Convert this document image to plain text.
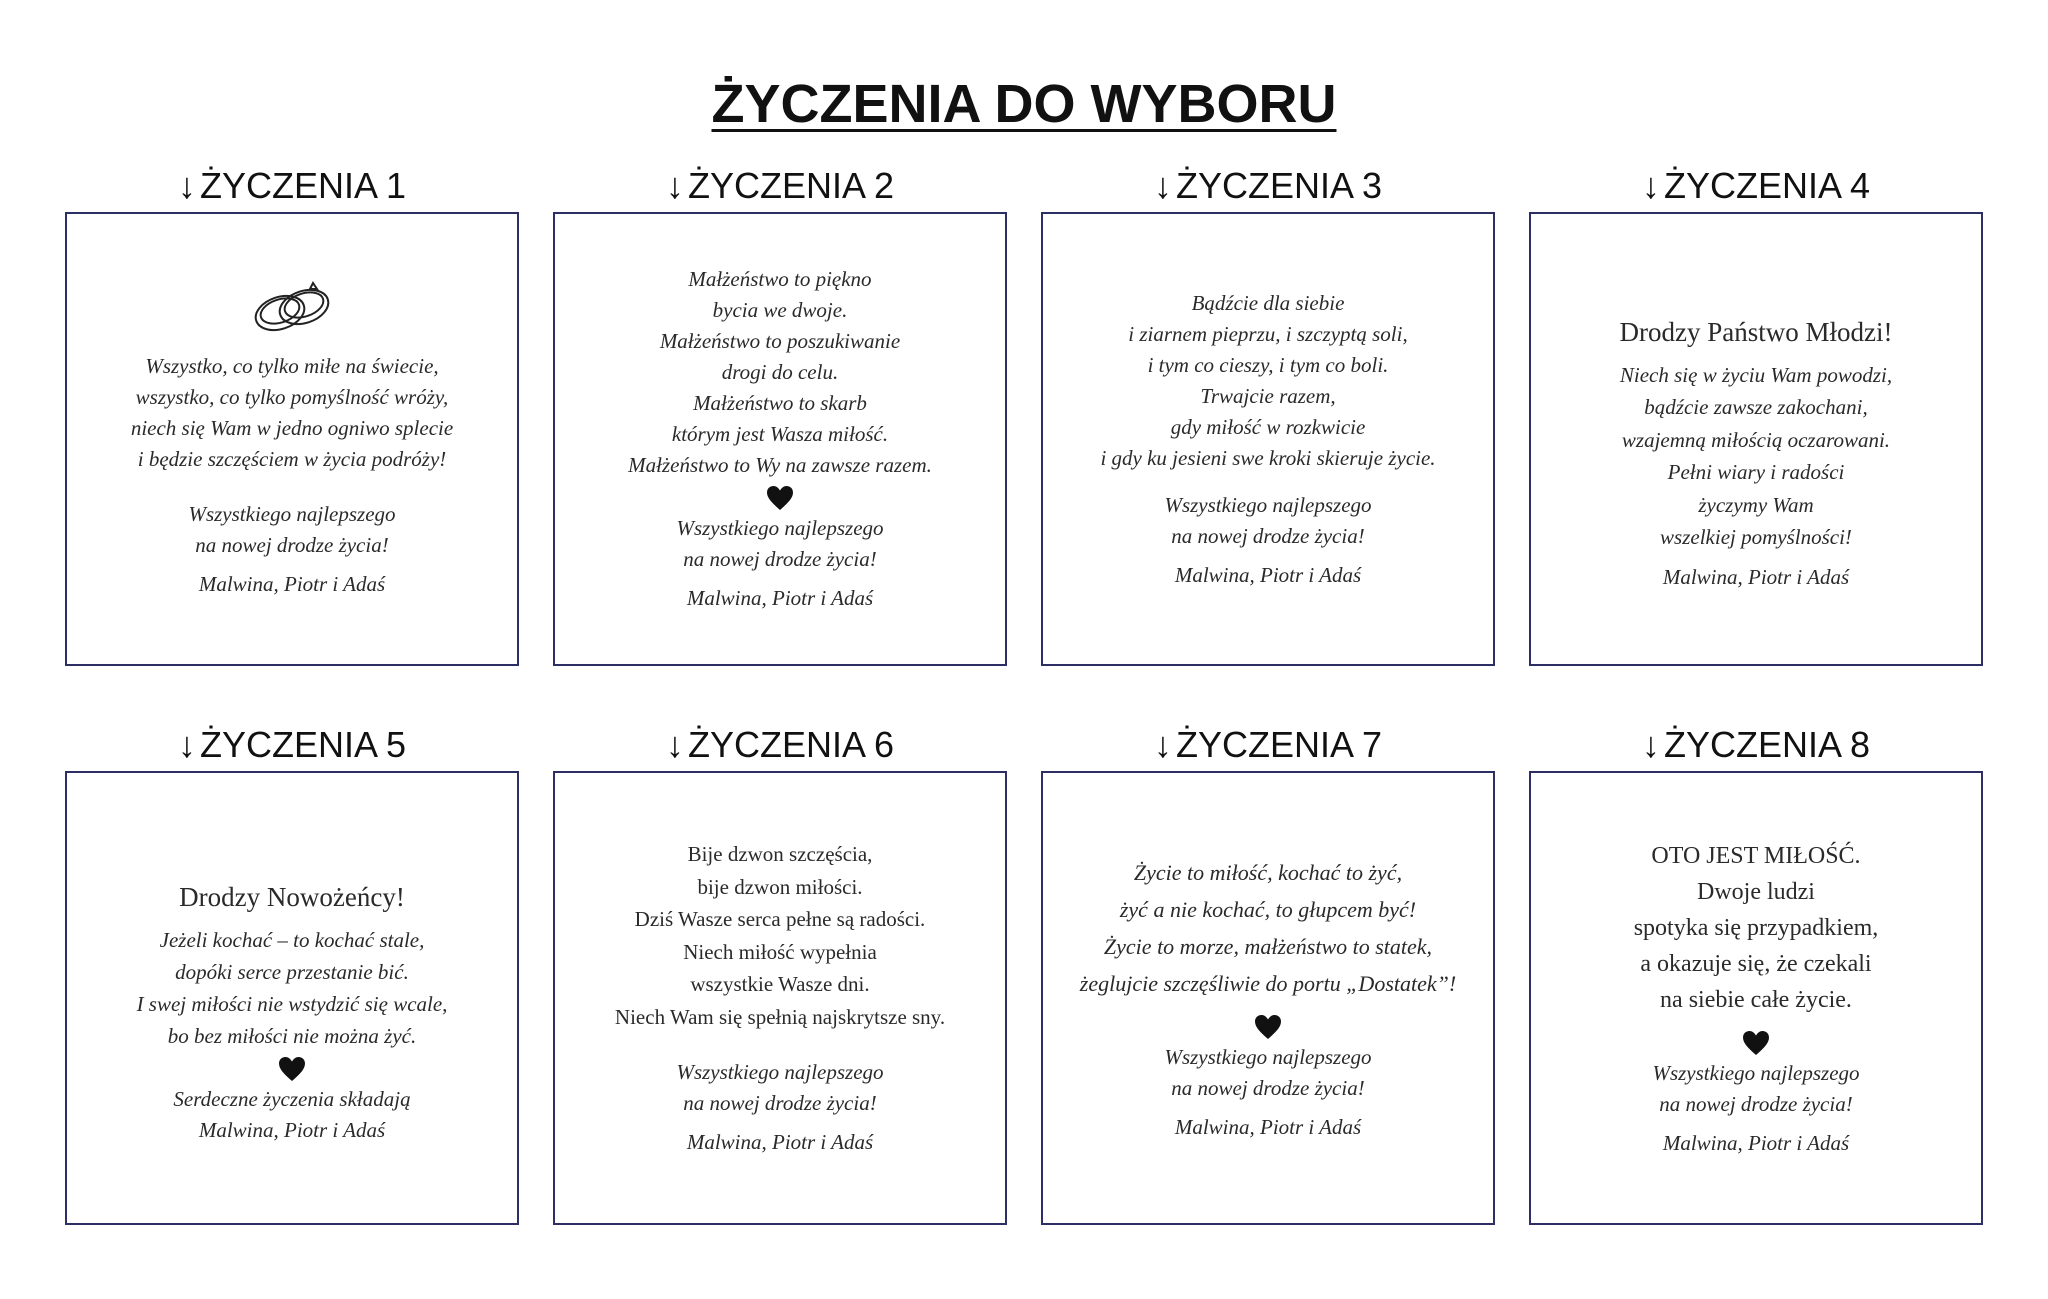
ŻYCZENIA DO WYBORU
↓ ŻYCZENIA 1

Wszystko, co tylko miłe na świecie,

wszystko, co tylko pomyślność wróży,

niech się Wam w jedno ogniwo splecie

i będzie szczęściem w życia podróży!

Wszystkiego najlepszego

na nowej drodze życia!

Malwina, Piotr i Adaś

↓ ŻYCZENIA 2

Małżeństwo to piękno

bycia we dwoje.

Małżeństwo to poszukiwanie

drogi do celu.

Małżeństwo to skarb

którym jest Wasza miłość.

Małżeństwo to Wy na zawsze razem.

Wszystkiego najlepszego

na nowej drodze życia!

Malwina, Piotr i Adaś

↓ ŻYCZENIA 3

Bądźcie dla siebie

i ziarnem pieprzu, i szczyptą soli,

i tym co cieszy, i tym co boli.

Trwajcie razem,

gdy miłość w rozkwicie

i gdy ku jesieni swe kroki skieruje życie.

Wszystkiego najlepszego

na nowej drodze życia!

Malwina, Piotr i Adaś

↓ ŻYCZENIA 4

Drodzy Państwo Młodzi!

Niech się w życiu Wam powodzi,

bądźcie zawsze zakochani,

wzajemną miłością oczarowani.

Pełni wiary i radości

życzymy Wam

wszelkiej pomyślności!

Malwina, Piotr i Adaś

↓ ŻYCZENIA 5

Drodzy Nowożeńcy!

Jeżeli kochać – to kochać stale,

dopóki serce przestanie bić.

I swej miłości nie wstydzić się wcale,

bo bez miłości nie można żyć.

Serdeczne życzenia składają

Malwina, Piotr i Adaś

↓ ŻYCZENIA 6

Bije dzwon szczęścia,

bije dzwon miłości.

Dziś Wasze serca pełne są radości.

Niech miłość wypełnia

wszystkie Wasze dni.

Niech Wam się spełnią najskrytsze sny.

Wszystkiego najlepszego

na nowej drodze życia!

Malwina, Piotr i Adaś

↓ ŻYCZENIA 7

Życie to miłość, kochać to żyć,

żyć a nie kochać, to głupcem być!

Życie to morze, małżeństwo to statek,

żeglujcie szczęśliwie do portu „Dostatek”!

Wszystkiego najlepszego

na nowej drodze życia!

Malwina, Piotr i Adaś

↓ ŻYCZENIA 8

OTO JEST MIŁOŚĆ.

Dwoje ludzi

spotyka się przypadkiem,

a okazuje się, że czekali

na siebie całe życie.

Wszystkiego najlepszego

na nowej drodze życia!

Malwina, Piotr i Adaś
